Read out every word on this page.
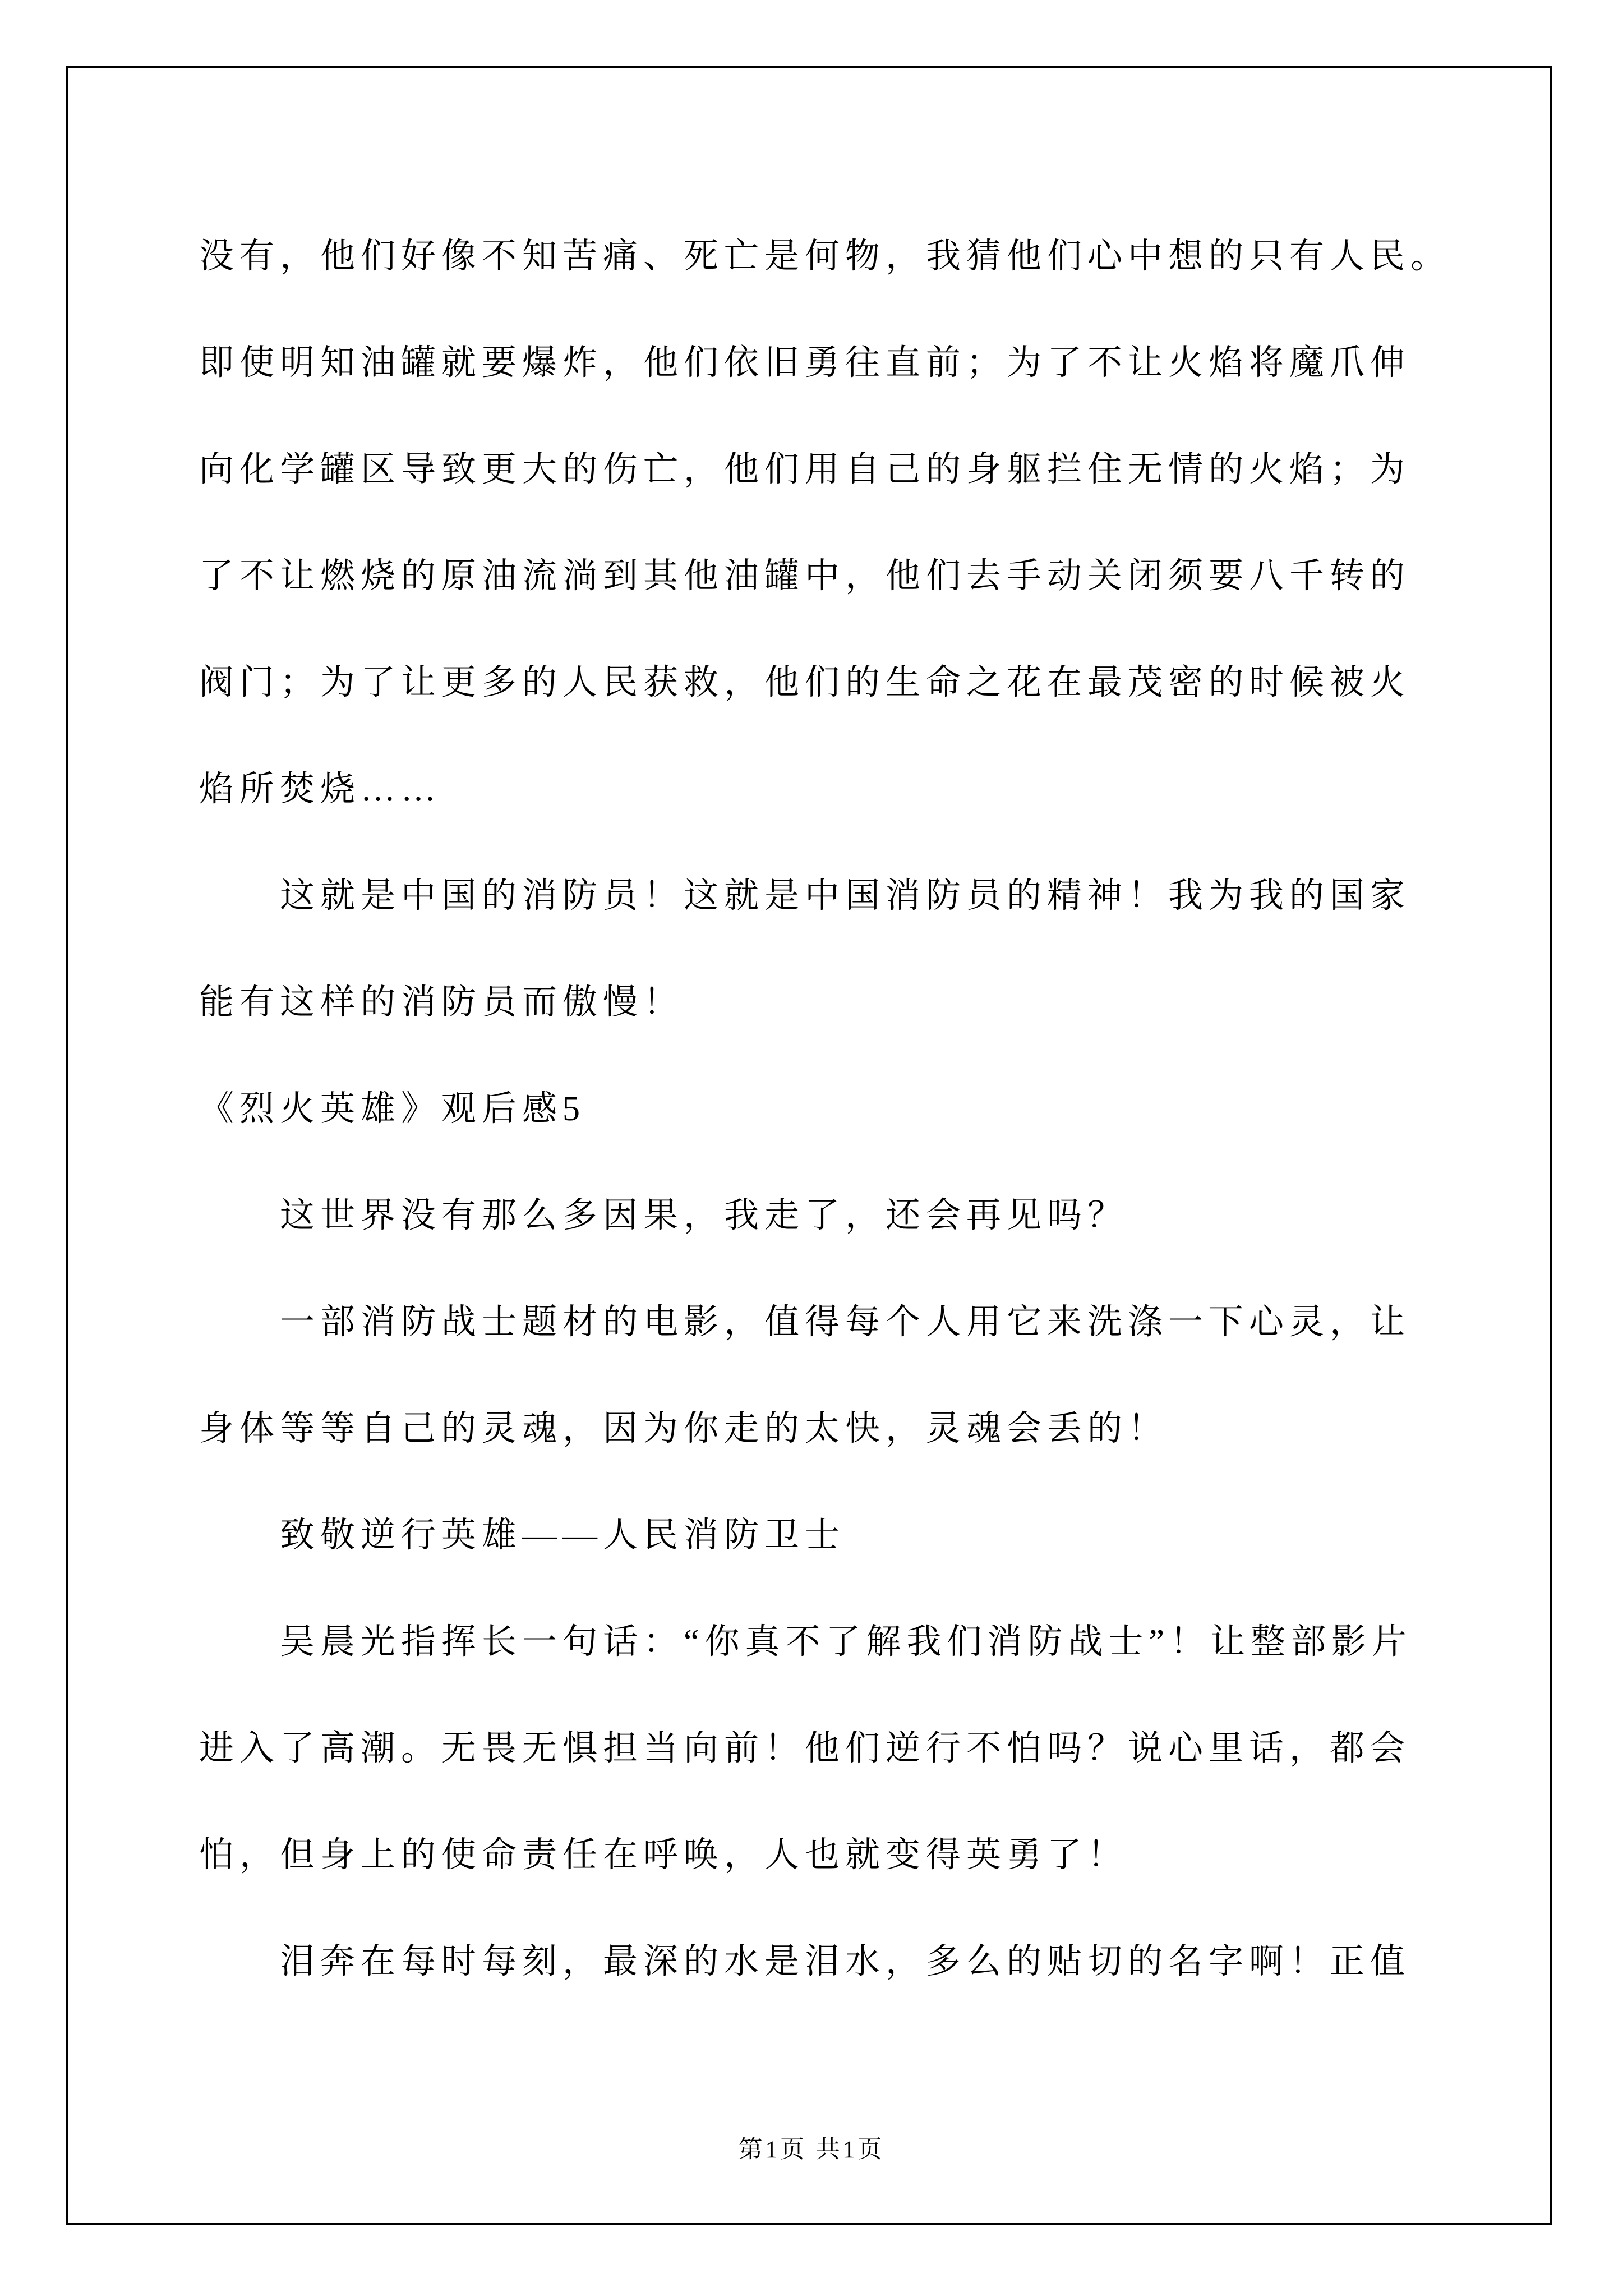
没有，他们好像不知苦痛、死亡是何物，我猜他们心中想的只有人民。
即使明知油罐就要爆炸，他们依旧勇往直前；为了不让火焰将魔爪伸
向化学罐区导致更大的伤亡，他们用自己的身躯拦住无情的火焰；为
了不让燃烧的原油流淌到其他油罐中，他们去手动关闭须要八千转的
阀门；为了让更多的人民获救，他们的生命之花在最茂密的时候被火
焰所焚烧……
这就是中国的消防员！这就是中国消防员的精神！我为我的国家
能有这样的消防员而傲慢！
《烈火英雄》观后感5
这世界没有那么多因果，我走了，还会再见吗？
一部消防战士题材的电影，值得每个人用它来洗涤一下心灵，让
身体等等自己的灵魂，因为你走的太快，灵魂会丢的！
致敬逆行英雄——人民消防卫士
吴晨光指挥长一句话：“你真不了解我们消防战士”！让整部影片
进入了高潮。无畏无惧担当向前！他们逆行不怕吗？说心里话，都会
怕，但身上的使命责任在呼唤，人也就变得英勇了！
泪奔在每时每刻，最深的水是泪水，多么的贴切的名字啊！正值
第1页 共1页
